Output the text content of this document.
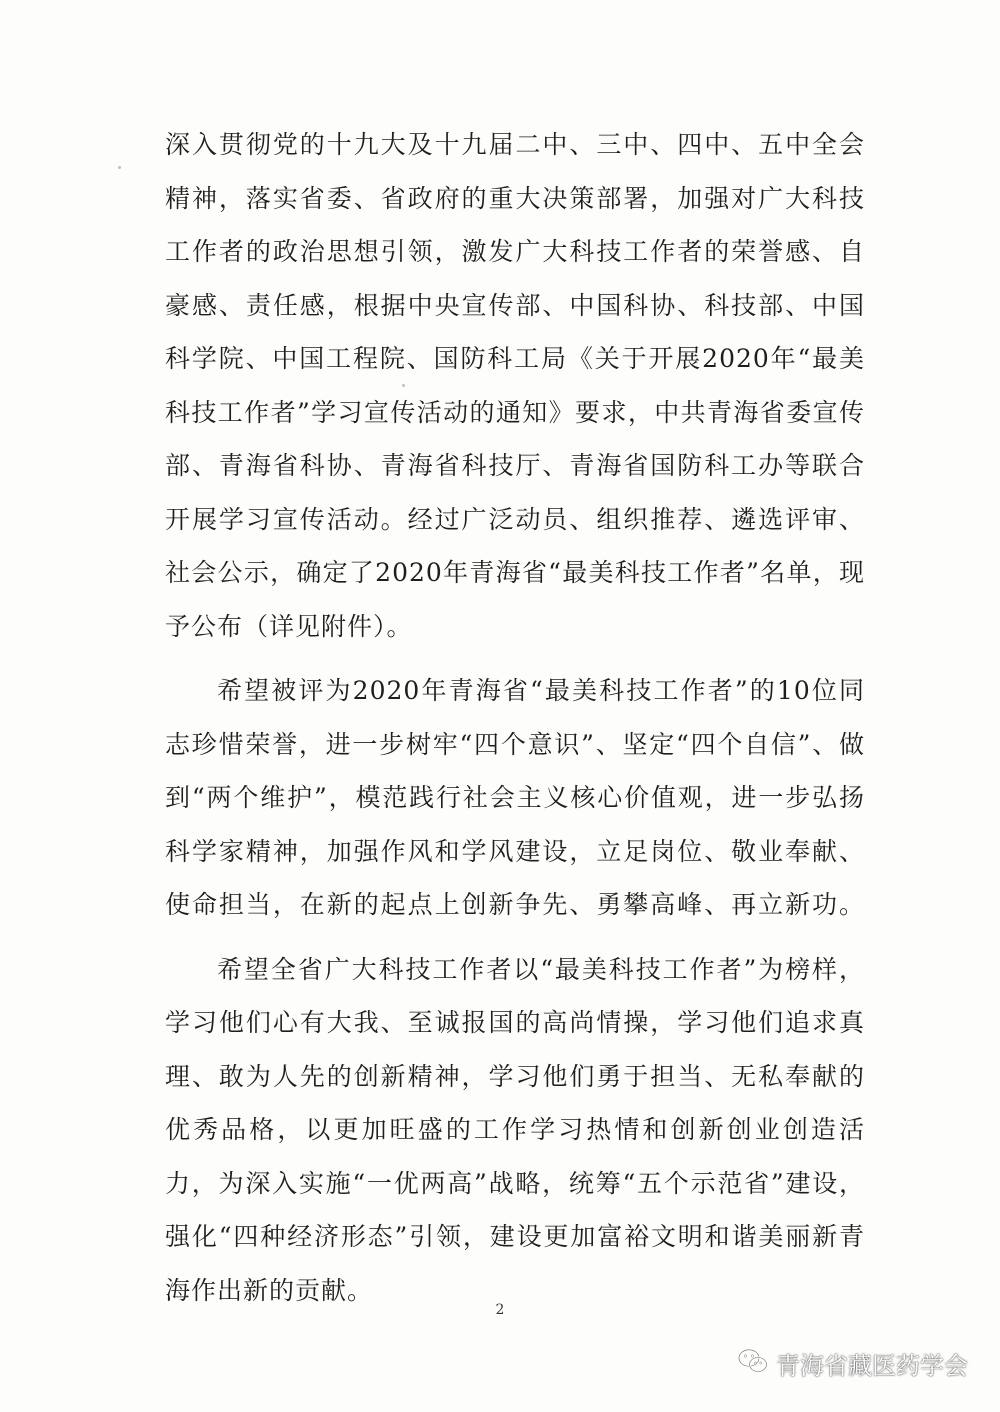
深入贯彻党的十九大及十九届二中、三中、四中、五中全会
精神，落实省委、省政府的重大决策部署，加强对广大科技
工作者的政治思想引领，激发广大科技工作者的荣誉感、自
豪感、责任感，根据中央宣传部、中国科协、科技部、中国
科学院、中国工程院、国防科工局《关于开展2020年“最美
科技工作者”学习宣传活动的通知》要求，中共青海省委宣传
部、青海省科协、青海省科技厅、青海省国防科工办等联合
开展学习宣传活动。经过广泛动员、组织推荐、遴选评审、
社会公示，确定了2020年青海省“最美科技工作者”名单，现
予公布（详见附件）。
希望被评为2020年青海省“最美科技工作者”的10位同
志珍惜荣誉，进一步树牢“四个意识”、坚定“四个自信”、做
到“两个维护”，模范践行社会主义核心价值观，进一步弘扬
科学家精神，加强作风和学风建设，立足岗位、敬业奉献、
使命担当，在新的起点上创新争先、勇攀高峰、再立新功。
希望全省广大科技工作者以“最美科技工作者”为榜样，
学习他们心有大我、至诚报国的高尚情操，学习他们追求真
理、敢为人先的创新精神，学习他们勇于担当、无私奉献的
优秀品格，以更加旺盛的工作学习热情和创新创业创造活
力，为深入实施“一优两高”战略，统筹“五个示范省”建设，
强化“四种经济形态”引领，建设更加富裕文明和谐美丽新青
海作出新的贡献。
2
青海省藏医药学会
